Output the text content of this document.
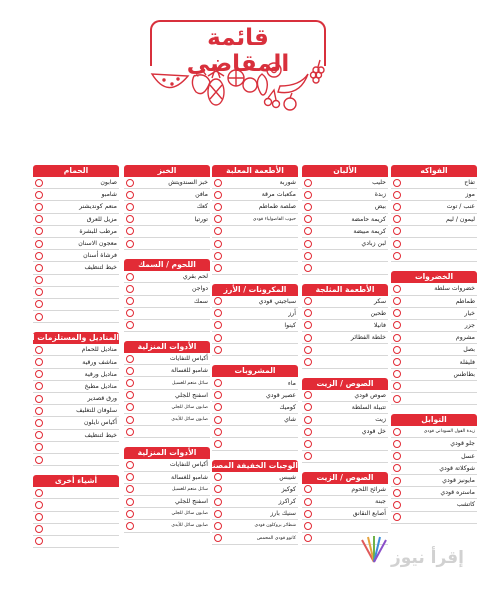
قائمة المقاضي
الفواكه
تفاح
موز
عنب / توت
ليمون / ليم
الخضروات
خضروات سلطة
طماطم
خيار
جزر
مشروم
بصل
فليفلة
بطاطس
التوابل
زبدة الفول السوداني قودي
جلو قودي
عسل
شوكلاتة قودي
مايونيز قودي
ماستره قودي
كاتشب
الألبان
حليب
زبدة
بيض
كريمة حامضة
كريمة مبيضة
لبن زبادي
الأطعمة المثلجة
سكر
طحين
فانيلا
خلطة الفطائر
الصوص / الزيت
صوص قودي
تتبيلة السلطة
زيت
خل قودي
الصوص / الزيت
شرائح اللحوم
جبنة
أصابع النقانق
الأطعمة المعلبة
شوربة
مكعبات مرقة
صلصة طماطم
حبوب الفاصولياء قودي
المكرونات / الأرز
سباجيتي قودي
أرز
كينوا
المشروبات
ماء
عصير قودي
كوميك
شاي
الوجبات الخفيفة المصنعة
شيبس
كوكيز
كراكرز
سنيك بارز
شطائر بروكلون قودي
كانوو قودي المحمص
الخبز
خبز السندويتش
مافن
كعك
تورتيا
اللحوم / السمك
لحم بقري
دواجن
سمك
الأدوات المنزلية
أكياس للنفايات
شامبو للغسالة
سائل منعم للغسيل
اسفنج للجلي
صابون سائل للجلي
صابون سائل للأيدي
الأدوات المنزلية
أكياس للنفايات
شامبو للغسالة
سائل منعم للغسيل
اسفنج للجلي
صابون سائل للجلي
صابون سائل للأيدي
الحمام
صابون
شامبو
منعم كونديشنر
مزيل للعرق
مرطب للبشرة
معجون الاسنان
فرشاة أسنان
خيط لتنظيف
المناديل والمستلزمات الورقية
مناديل للحمام
مناشف ورقية
مناديل ورقية
مناديل مطبخ
ورق قصدير
سلوفان للتغليف
أكياس نايلون
خيط لتنظيف
أشياء أخرى
إقرأ نيوز
